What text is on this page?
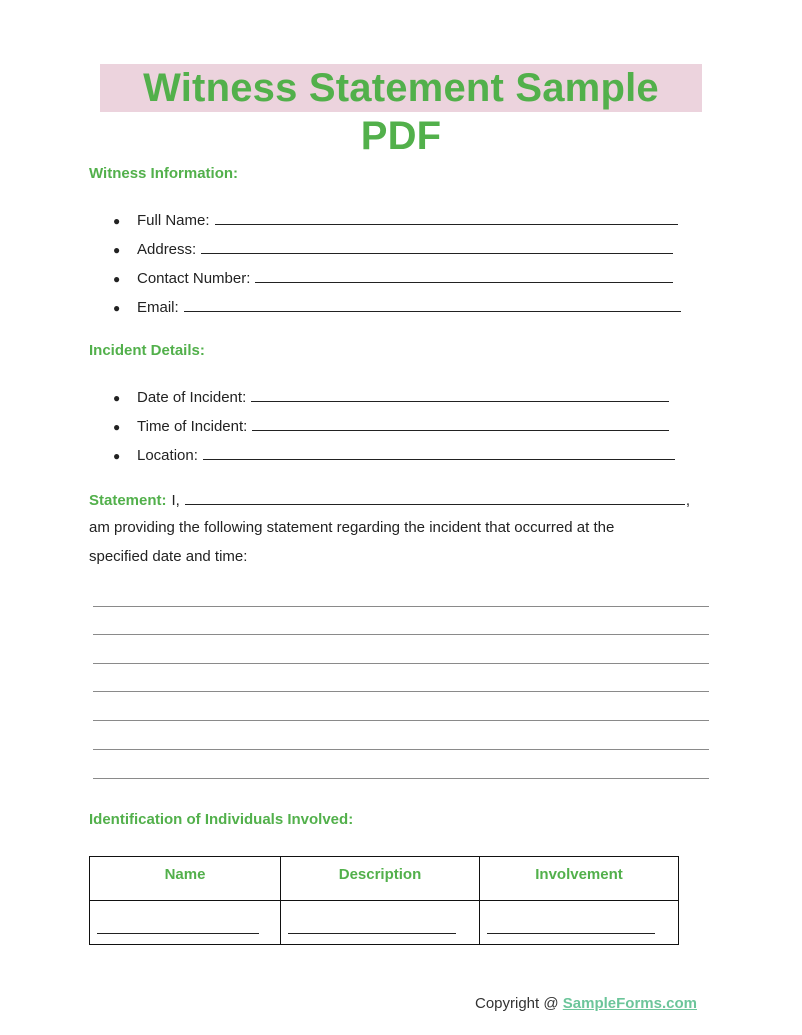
Witness Statement Sample PDF
Witness Information:
●	Full Name:
●	Address:
●	Contact Number:
●	Email:
Incident Details:
●	Date of Incident:
●	Time of Incident:
●	Location:
Statement: I,	,
am providing the following statement regarding the incident that occurred at the
specified date and time:
Identification of Individuals Involved:
Name	Description	Involvement

Copyright @ SampleForms.com
